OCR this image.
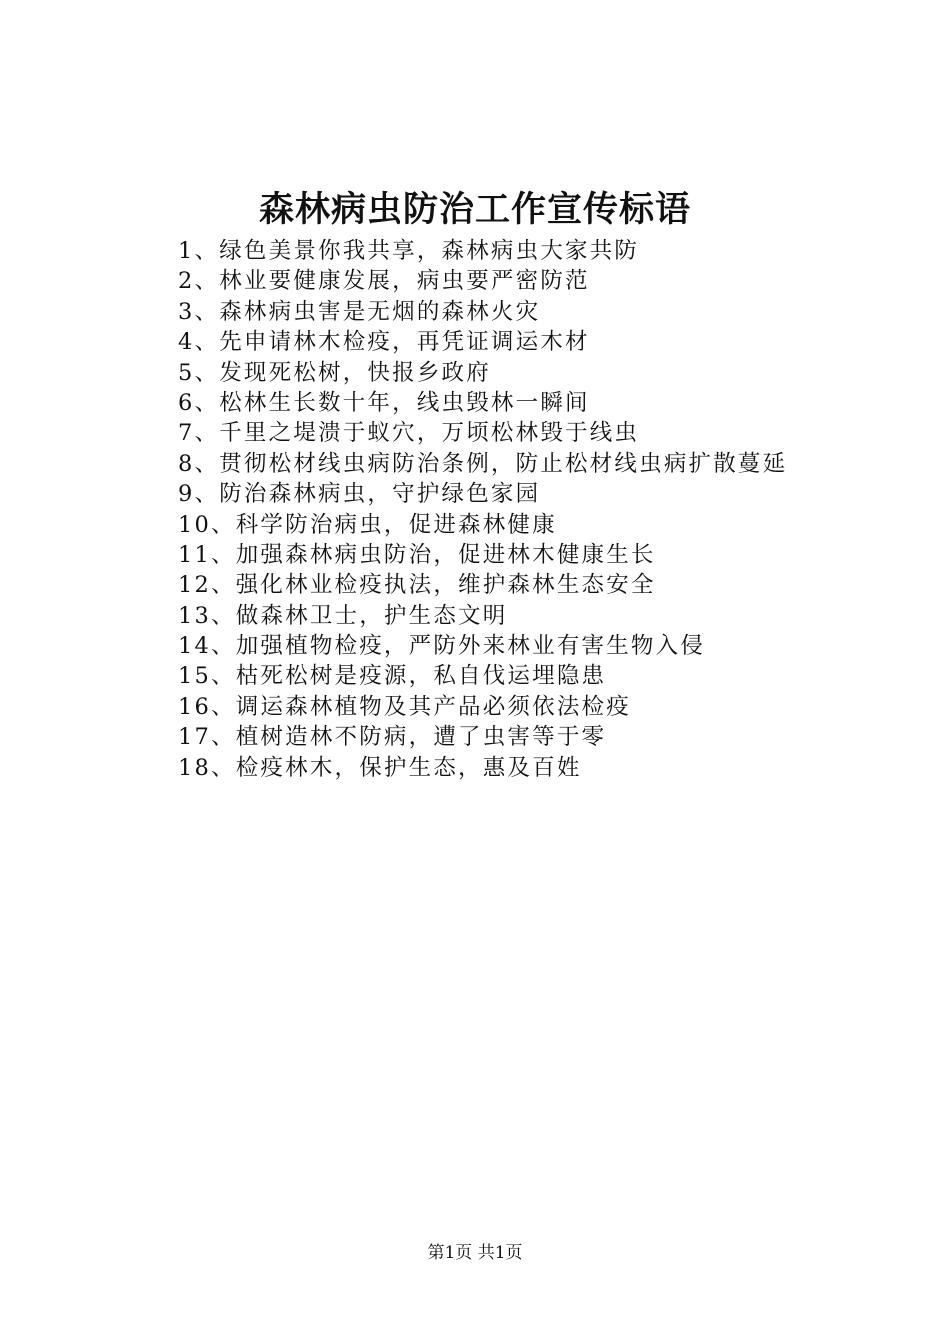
森林病虫防治工作宣传标语
1、绿色美景你我共享，森林病虫大家共防
2、林业要健康发展，病虫要严密防范
3、森林病虫害是无烟的森林火灾
4、先申请林木检疫，再凭证调运木材
5、发现死松树，快报乡政府
6、松林生长数十年，线虫毁林一瞬间
7、千里之堤溃于蚁穴，万顷松林毁于线虫
8、贯彻松材线虫病防治条例，防止松材线虫病扩散蔓延
9、防治森林病虫，守护绿色家园
10、科学防治病虫，促进森林健康
11、加强森林病虫防治，促进林木健康生长
12、强化林业检疫执法，维护森林生态安全
13、做森林卫士，护生态文明
14、加强植物检疫，严防外来林业有害生物入侵
15、枯死松树是疫源，私自伐运埋隐患
16、调运森林植物及其产品必须依法检疫
17、植树造林不防病，遭了虫害等于零
18、检疫林木，保护生态，惠及百姓
第1页 共1页
